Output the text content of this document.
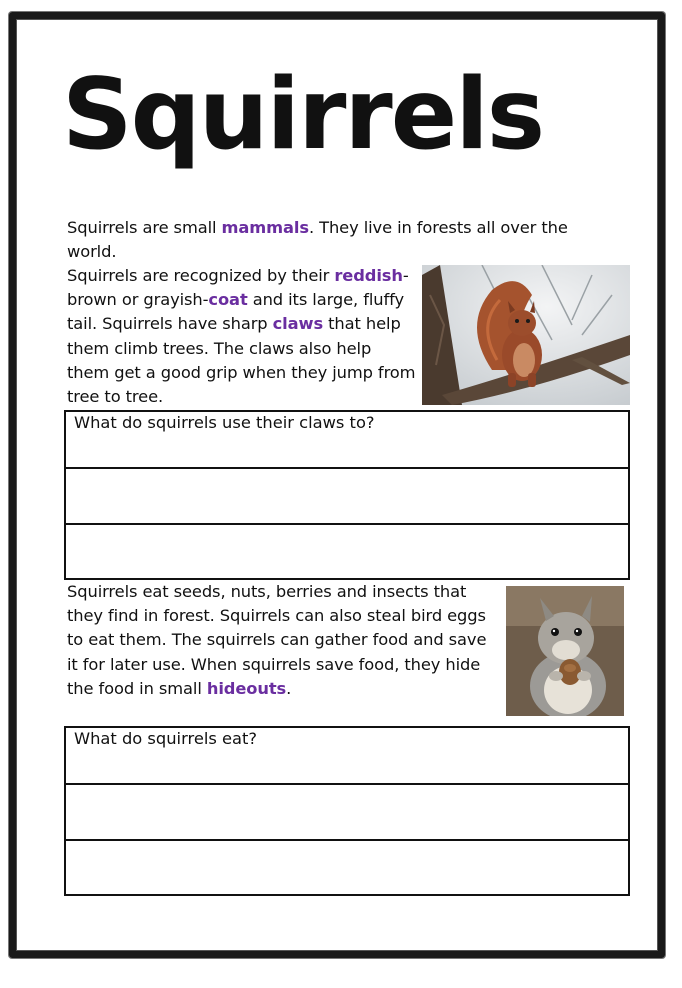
Squirrels

Squirrels are small mammals. They live in forests all over the world.

Squirrels are recognized by their reddish-brown or grayish-coat and its large, fluffy tail. Squirrels have sharp claws that help them climb trees. The claws also help them get a good grip when they jump from tree to tree.

What do squirrels use their claws to?

Squirrels eat seeds, nuts, berries and insects that they find in forest. Squirrels can also steal bird eggs to eat them. The squirrels can gather food and save it for later use. When squirrels save food, they hide the food in small hideouts.

What do squirrels eat?
